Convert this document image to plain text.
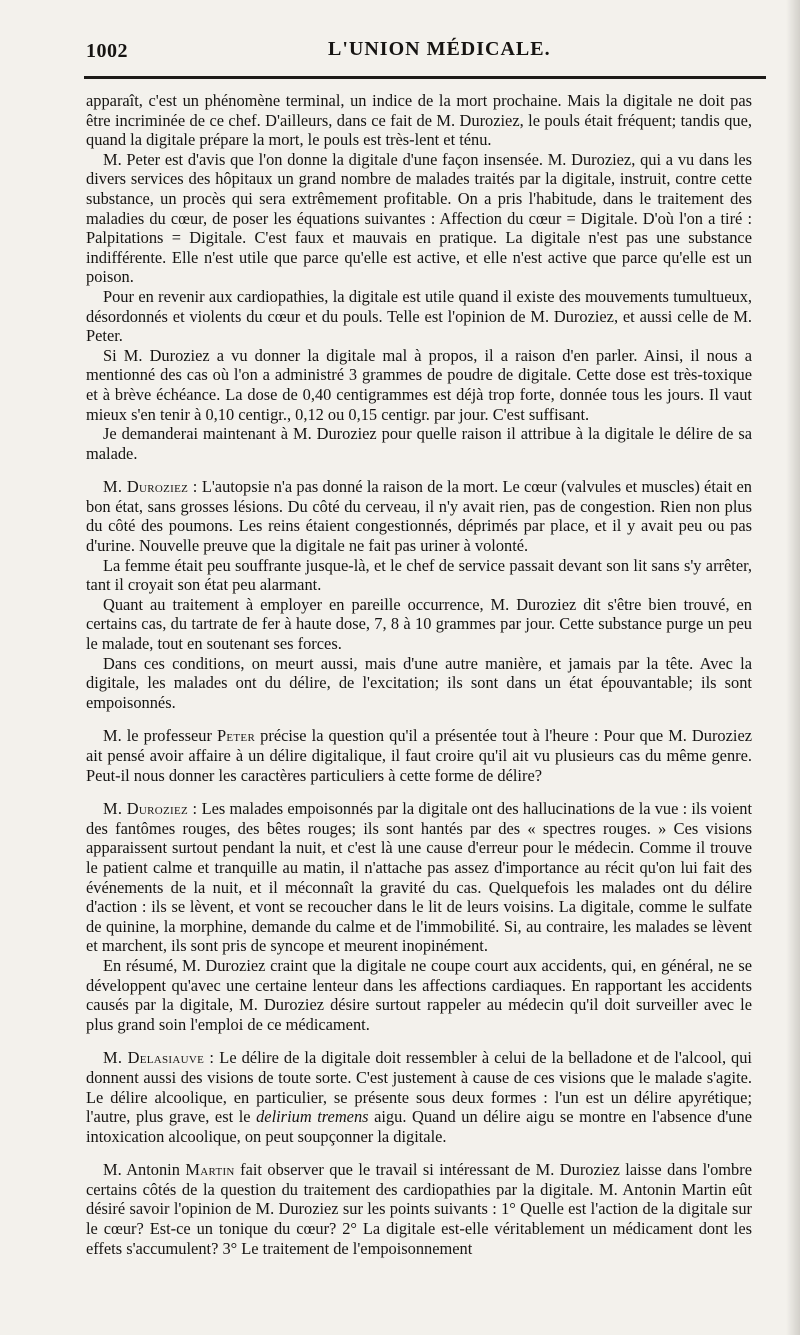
1002	L'UNION MÉDICALE.

apparaît, c'est un phénomène terminal, un indice de la mort prochaine. Mais la digitale ne doit pas être incriminée de ce chef. D'ailleurs, dans ce fait de M. Duroziez, le pouls était fréquent; tandis que, quand la digitale prépare la mort, le pouls est très-lent et ténu.

M. Peter est d'avis que l'on donne la digitale d'une façon insensée. M. Duroziez, qui a vu dans les divers services des hôpitaux un grand nombre de malades traités par la digitale, instruit, contre cette substance, un procès qui sera extrêmement profitable. On a pris l'habitude, dans le traitement des maladies du cœur, de poser les équations suivantes : Affection du cœur = Digitale. D'où l'on a tiré : Palpitations = Digitale. C'est faux et mauvais en pratique. La digitale n'est pas une substance indifférente. Elle n'est utile que parce qu'elle est active, et elle n'est active que parce qu'elle est un poison.

Pour en revenir aux cardiopathies, la digitale est utile quand il existe des mouvements tumultueux, désordonnés et violents du cœur et du pouls. Telle est l'opinion de M. Duroziez, et aussi celle de M. Peter.

Si M. Duroziez a vu donner la digitale mal à propos, il a raison d'en parler. Ainsi, il nous a mentionné des cas où l'on a administré 3 grammes de poudre de digitale. Cette dose est très-toxique et à brève échéance. La dose de 0,40 centigrammes est déjà trop forte, donnée tous les jours. Il vaut mieux s'en tenir à 0,10 centigr., 0,12 ou 0,15 centigr. par jour. C'est suffisant.

Je demanderai maintenant à M. Duroziez pour quelle raison il attribue à la digitale le délire de sa malade.

M. Duroziez : L'autopsie n'a pas donné la raison de la mort. Le cœur (valvules et muscles) était en bon état, sans grosses lésions. Du côté du cerveau, il n'y avait rien, pas de congestion. Rien non plus du côté des poumons. Les reins étaient congestionnés, déprimés par place, et il y avait peu ou pas d'urine. Nouvelle preuve que la digitale ne fait pas uriner à volonté.

La femme était peu souffrante jusque-là, et le chef de service passait devant son lit sans s'y arrêter, tant il croyait son état peu alarmant.

Quant au traitement à employer en pareille occurrence, M. Duroziez dit s'être bien trouvé, en certains cas, du tartrate de fer à haute dose, 7, 8 à 10 grammes par jour. Cette substance purge un peu le malade, tout en soutenant ses forces.

Dans ces conditions, on meurt aussi, mais d'une autre manière, et jamais par la tête. Avec la digitale, les malades ont du délire, de l'excitation; ils sont dans un état épouvantable; ils sont empoisonnés.

M. le professeur Peter précise la question qu'il a présentée tout à l'heure : Pour que M. Duroziez ait pensé avoir affaire à un délire digitalique, il faut croire qu'il ait vu plusieurs cas du même genre. Peut-il nous donner les caractères particuliers à cette forme de délire?

M. Duroziez : Les malades empoisonnés par la digitale ont des hallucinations de la vue : ils voient des fantômes rouges, des bêtes rouges; ils sont hantés par des « spectres rouges. » Ces visions apparaissent surtout pendant la nuit, et c'est là une cause d'erreur pour le médecin. Comme il trouve le patient calme et tranquille au matin, il n'attache pas assez d'importance au récit qu'on lui fait des événements de la nuit, et il méconnaît la gravité du cas. Quelquefois les malades ont du délire d'action : ils se lèvent, et vont se recoucher dans le lit de leurs voisins. La digitale, comme le sulfate de quinine, la morphine, demande du calme et de l'immobilité. Si, au contraire, les malades se lèvent et marchent, ils sont pris de syncope et meurent inopinément.

En résumé, M. Duroziez craint que la digitale ne coupe court aux accidents, qui, en général, ne se développent qu'avec une certaine lenteur dans les affections cardiaques. En rapportant les accidents causés par la digitale, M. Duroziez désire surtout rappeler au médecin qu'il doit surveiller avec le plus grand soin l'emploi de ce médicament.

M. Delasiauve : Le délire de la digitale doit ressembler à celui de la belladone et de l'alcool, qui donnent aussi des visions de toute sorte. C'est justement à cause de ces visions que le malade s'agite. Le délire alcoolique, en particulier, se présente sous deux formes : l'un est un délire apyrétique; l'autre, plus grave, est le delirium tremens aigu. Quand un délire aigu se montre en l'absence d'une intoxication alcoolique, on peut soupçonner la digitale.

M. Antonin Martin fait observer que le travail si intéressant de M. Duroziez laisse dans l'ombre certains côtés de la question du traitement des cardiopathies par la digitale. M. Antonin Martin eût désiré savoir l'opinion de M. Duroziez sur les points suivants : 1° Quelle est l'action de la digitale sur le cœur? Est-ce un tonique du cœur? 2° La digitale est-elle véritablement un médicament dont les effets s'accumulent? 3° Le traitement de l'empoisonnement
